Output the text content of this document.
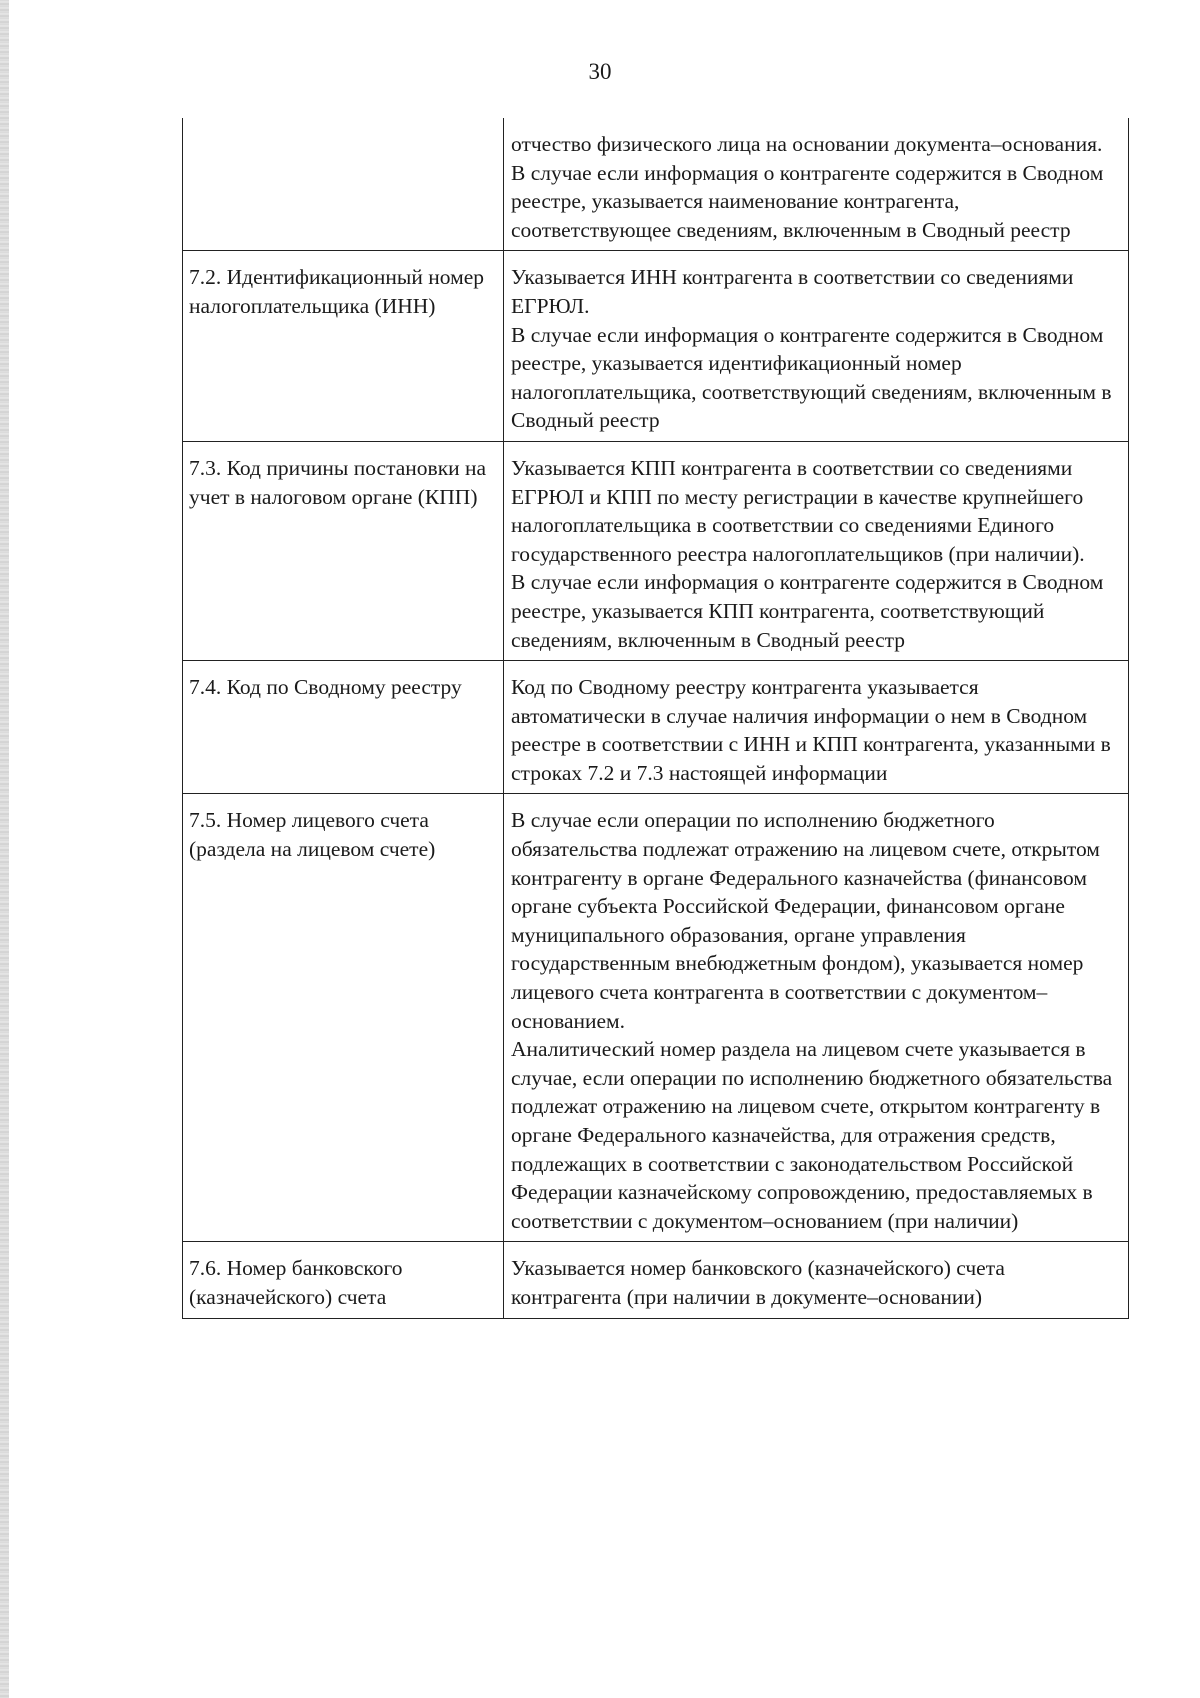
30

	отчество физического лица на основании документа–основания.
В случае если информация о контрагенте содержится в Сводном реестре, указывается наименование контрагента, соответствующее сведениям, включенным в Сводный реестр

7.2. Идентификационный номер налогоплательщика (ИНН)	Указывается ИНН контрагента в соответствии со сведениями ЕГРЮЛ.
В случае если информация о контрагенте содержится в Сводном реестре, указывается идентификационный номер налогоплательщика, соответствующий сведениям, включенным в Сводный реестр

7.3. Код причины постановки на учет в налоговом органе (КПП)	Указывается КПП контрагента в соответствии со сведениями ЕГРЮЛ и КПП по месту регистрации в качестве крупнейшего налогоплательщика в соответствии со сведениями Единого государственного реестра налогоплательщиков (при наличии).
В случае если информация о контрагенте содержится в Сводном реестре, указывается КПП контрагента, соответствующий сведениям, включенным в Сводный реестр

7.4. Код по Сводному реестру	Код по Сводному реестру контрагента указывается автоматически в случае наличия информации о нем в Сводном реестре в соответствии с ИНН и КПП контрагента, указанными в строках 7.2 и 7.3 настоящей информации

7.5. Номер лицевого счета (раздела на лицевом счете)	В случае если операции по исполнению бюджетного обязательства подлежат отражению на лицевом счете, открытом контрагенту в органе Федерального казначейства (финансовом органе субъекта Российской Федерации, финансовом органе муниципального образования, органе управления государственным внебюджетным фондом), указывается номер лицевого счета контрагента в соответствии с документом–основанием.
Аналитический номер раздела на лицевом счете указывается в случае, если операции по исполнению бюджетного обязательства подлежат отражению на лицевом счете, открытом контрагенту в органе Федерального казначейства, для отражения средств, подлежащих в соответствии с законодательством Российской Федерации казначейскому сопровождению, предоставляемых в соответствии с документом–основанием (при наличии)

7.6. Номер банковского (казначейского) счета	Указывается номер банковского (казначейского) счета контрагента (при наличии в документе–основании)
